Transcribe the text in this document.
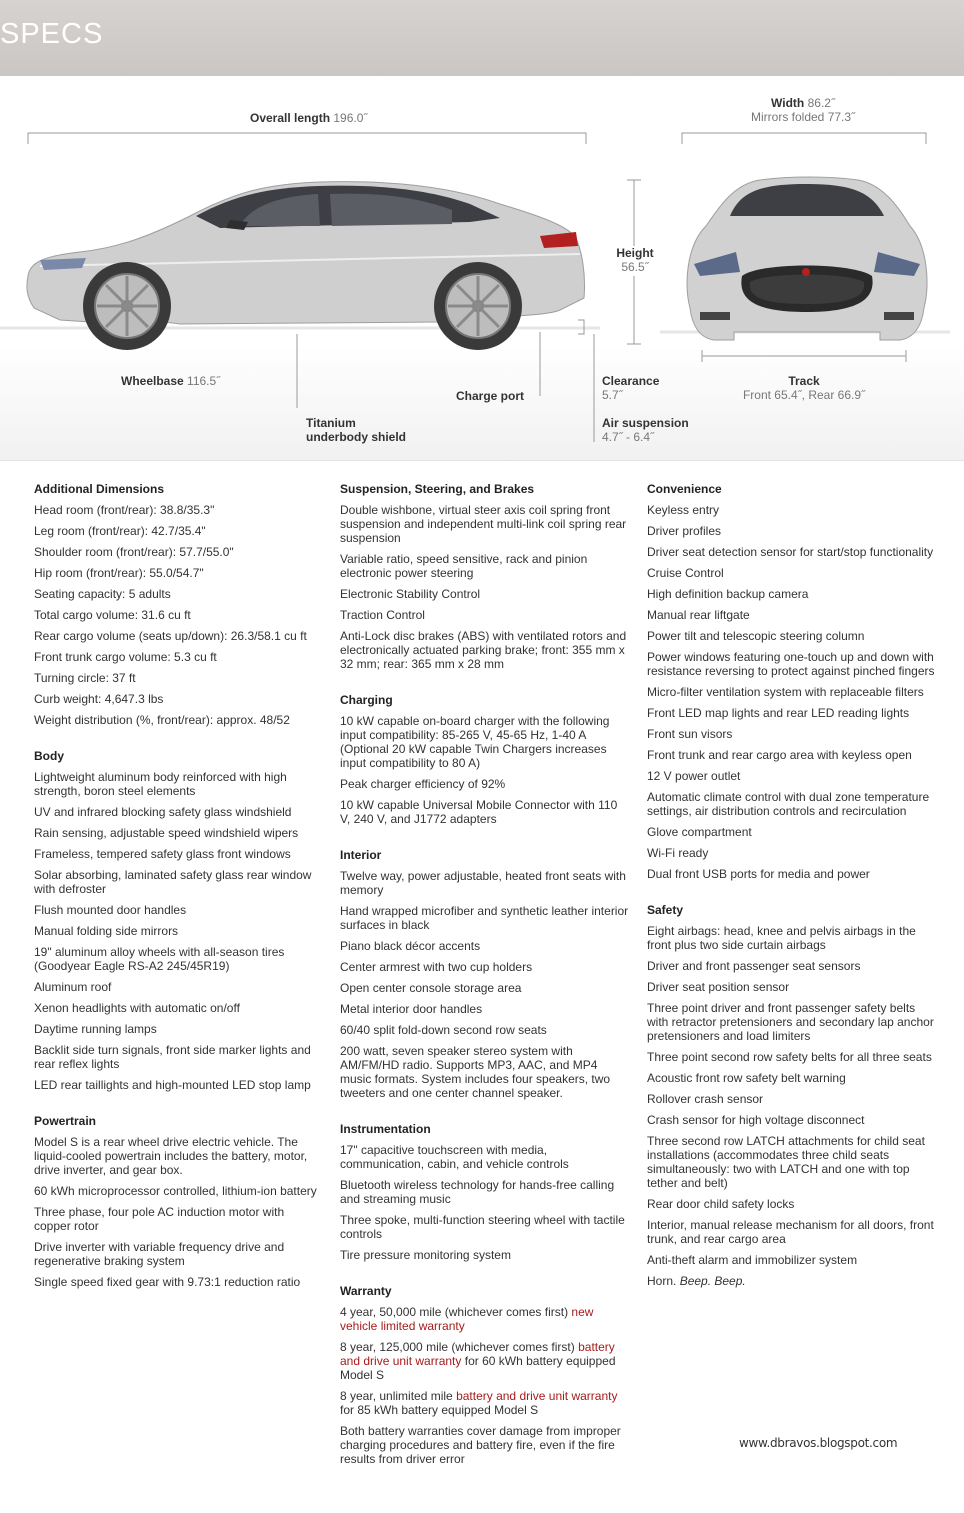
SPECS
Overall length 196.0˝
Width 86.2˝
Mirrors folded 77.3˝
Height
56.5˝
Wheelbase 116.5˝
Charge port
Titanium
underbody shield
Clearance
5.7˝
Air suspension
4.7˝ - 6.4˝
Track
Front 65.4˝, Rear 66.9˝
Additional Dimensions
Head room (front/rear): 38.8/35.3"
Leg room (front/rear): 42.7/35.4"
Shoulder room (front/rear): 57.7/55.0"
Hip room (front/rear): 55.0/54.7"
Seating capacity: 5 adults
Total cargo volume: 31.6 cu ft
Rear cargo volume (seats up/down): 26.3/58.1 cu ft
Front trunk cargo volume: 5.3 cu ft
Turning circle: 37 ft
Curb weight: 4,647.3 lbs
Weight distribution (%, front/rear): approx. 48/52
Body
Lightweight aluminum body reinforced with high strength, boron steel elements
UV and infrared blocking safety glass windshield
Rain sensing, adjustable speed windshield wipers
Frameless, tempered safety glass front windows
Solar absorbing, laminated safety glass rear window with defroster
Flush mounted door handles
Manual folding side mirrors
19" aluminum alloy wheels with all-season tires (Goodyear Eagle RS-A2 245/45R19)
Aluminum roof
Xenon headlights with automatic on/off
Daytime running lamps
Backlit side turn signals, front side marker lights and rear reflex lights
LED rear taillights and high-mounted LED stop lamp
Powertrain
Model S is a rear wheel drive electric vehicle. The liquid-cooled powertrain includes the battery, motor, drive inverter, and gear box.
60 kWh microprocessor controlled, lithium-ion battery
Three phase, four pole AC induction motor with copper rotor
Drive inverter with variable frequency drive and regenerative braking system
Single speed fixed gear with 9.73:1 reduction ratio
Suspension, Steering, and Brakes
Double wishbone, virtual steer axis coil spring front suspension and independent multi-link coil spring rear suspension
Variable ratio, speed sensitive, rack and pinion electronic power steering
Electronic Stability Control
Traction Control
Anti-Lock disc brakes (ABS) with ventilated rotors and electronically actuated parking brake; front: 355 mm x 32 mm; rear: 365 mm x 28 mm
Charging
10 kW capable on-board charger with the following input compatibility: 85-265 V, 45-65 Hz, 1-40 A (Optional 20 kW capable Twin Chargers increases input compatibility to 80 A)
Peak charger efficiency of 92%
10 kW capable Universal Mobile Connector with 110 V, 240 V, and J1772 adapters
Interior
Twelve way, power adjustable, heated front seats with memory
Hand wrapped microfiber and synthetic leather interior surfaces in black
Piano black décor accents
Center armrest with two cup holders
Open center console storage area
Metal interior door handles
60/40 split fold-down second row seats
200 watt, seven speaker stereo system with AM/FM/HD radio. Supports MP3, AAC, and MP4 music formats. System includes four speakers, two tweeters and one center channel speaker.
Instrumentation
17" capacitive touchscreen with media, communication, cabin, and vehicle controls
Bluetooth wireless technology for hands-free calling and streaming music
Three spoke, multi-function steering wheel with tactile controls
Tire pressure monitoring system
Warranty
4 year, 50,000 mile (whichever comes first) new vehicle limited warranty
8 year, 125,000 mile (whichever comes first) battery and drive unit warranty for 60 kWh battery equipped Model S
8 year, unlimited mile battery and drive unit warranty for 85 kWh battery equipped Model S
Both battery warranties cover damage from improper charging procedures and battery fire, even if the fire results from driver error
Convenience
Keyless entry
Driver profiles
Driver seat detection sensor for start/stop functionality
Cruise Control
High definition backup camera
Manual rear liftgate
Power tilt and telescopic steering column
Power windows featuring one-touch up and down with resistance reversing to protect against pinched fingers
Micro-filter ventilation system with replaceable filters
Front LED map lights and rear LED reading lights
Front sun visors
Front trunk and rear cargo area with keyless open
12 V power outlet
Automatic climate control with dual zone temperature settings, air distribution controls and recirculation
Glove compartment
Wi-Fi ready
Dual front USB ports for media and power
Safety
Eight airbags: head, knee and pelvis airbags in the front plus two side curtain airbags
Driver and front passenger seat sensors
Driver seat position sensor
Three point driver and front passenger safety belts with retractor pretensioners and secondary lap anchor pretensioners and load limiters
Three point second row safety belts for all three seats
Acoustic front row safety belt warning
Rollover crash sensor
Crash sensor for high voltage disconnect
Three second row LATCH attachments for child seat installations (accommodates three child seats simultaneously: two with LATCH and one with top tether and belt)
Rear door child safety locks
Interior, manual release mechanism for all doors, front trunk, and rear cargo area
Anti-theft alarm and immobilizer system
Horn. Beep. Beep.
www.dbravos.blogspot.com
